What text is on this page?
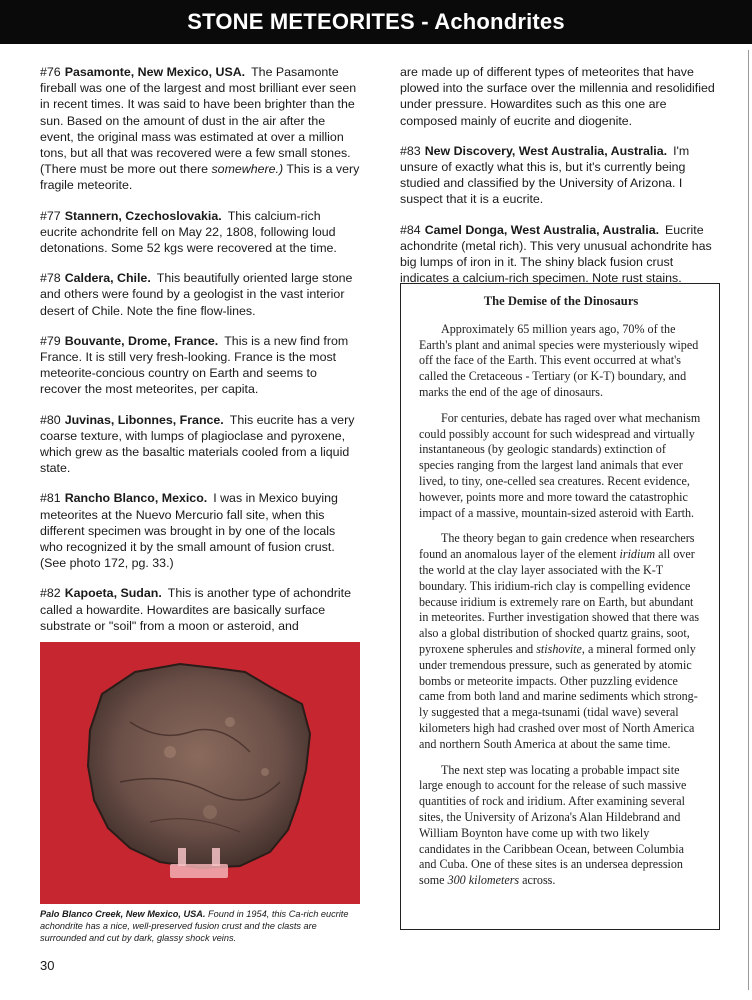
STONE METEORITES - Achondrites

#76 Pasamonte, New Mexico, USA. The Pasamonte fireball was one of the largest and most brilliant ever seen in recent times. It was said to have been brighter than the sun. Based on the amount of dust in the air after the event, the original mass was estimated at over a million tons, but all that was recovered were a few small stones. (There must be more out there somewhere.) This is a very fragile meteorite.

#77 Stannern, Czechoslovakia. This calcium-rich eucrite achondrite fell on May 22, 1808, following loud detonations. Some 52 kgs were recovered at the time.

#78 Caldera, Chile. This beautifully oriented large stone and others were found by a geologist in the vast interior desert of Chile. Note the fine flow-lines.

#79 Bouvante, Drome, France. This is a new find from France. It is still very fresh-looking. France is the most meteorite-concious country on Earth and seems to recover the most meteorites, per capita.

#80 Juvinas, Libonnes, France. This eucrite has a very coarse texture, with lumps of plagioclase and pyroxene, which grew as the basaltic materials cooled from a liquid state.

#81 Rancho Blanco, Mexico. I was in Mexico buying meteorites at the Nuevo Mercurio fall site, when this different specimen was brought in by one of the locals who recognized it by the small amount of fusion crust. (See photo 172, pg. 33.)

#82 Kapoeta, Sudan. This is another type of achondrite called a howardite. Howardites are basically surface substrate or "soil" from a moon or asteroid, and

Palo Blanco Creek, New Mexico, USA. Found in 1954, this Ca-rich eucrite achondrite has a nice, well-preserved fusion crust and the clasts are surrounded and cut by dark, glassy shock veins.
30

are made up of different types of meteorites that have plowed into the surface over the millennia and resolidified under pressure. Howardites such as this one are composed mainly of eucrite and diogenite.

#83 New Discovery, West Australia, Australia. I'm unsure of exactly what this is, but it's currently being studied and classified by the University of Arizona. I suspect that it is a eucrite.

#84 Camel Donga, West Australia, Australia. Eucrite achondrite (metal rich). This very unusual achondrite has big lumps of iron in it. The shiny black fusion crust indicates a calcium-rich specimen. Note rust stains.

The Demise of the Dinosaurs

Approximately 65 million years ago, 70% of the Earth's plant and animal species were mysteriously wiped off the face of the Earth. This event occurred at what's called the Cretaceous - Tertiary (or K-T) boundary, and marks the end of the age of dinosaurs.

For centuries, debate has raged over what mechanism could possibly account for such widespread and virtually instantaneous (by geologic standards) extinction of species ranging from the largest land animals that ever lived, to tiny, one-celled sea creatures. Recent evidence, however, points more and more toward the catastrophic impact of a massive, mountain-sized asteroid with Earth.

The theory began to gain credence when researchers found an anomalous layer of the element iridium all over the world at the clay layer associated with the K-T boundary. This iridium-rich clay is compelling evidence because iridium is extremely rare on Earth, but abundant in meteorites. Further investigation showed that there was also a global distribution of shocked quartz grains, soot, pyroxene spherules and stishovite, a mineral formed only under tremendous pressure, such as generated by atomic bombs or meteorite impacts. Other puzzling evidence came from both land and marine sediments which strong-ly suggested that a mega-tsunami (tidal wave) several kilometers high had crashed over most of North America and northern South America at about the same time.

The next step was locating a probable impact site large enough to account for the release of such massive quantities of rock and iridium. After examining several sites, the University of Arizona's Alan Hildebrand and William Boynton have come up with two likely candidates in the Caribbean Ocean, between Columbia and Cuba. One of these sites is an undersea depression some 300 kilometers across.
